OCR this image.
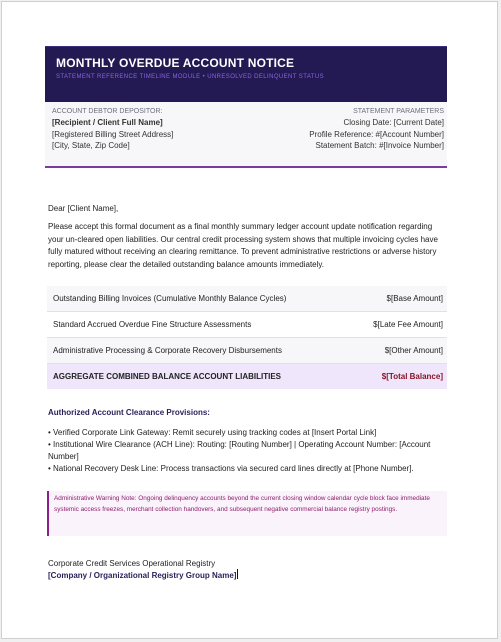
MONTHLY OVERDUE ACCOUNT NOTICE
STATEMENT REFERENCE TIMELINE MODULE • UNRESOLVED DELINQUENT STATUS
ACCOUNT DEBTOR DEPOSITOR:
[Recipient / Client Full Name]
[Registered Billing Street Address]
[City, State, Zip Code]
STATEMENT PARAMETERS
Closing Date: [Current Date]
Profile Reference: #[Account Number]
Statement Batch: #[Invoice Number]
Dear [Client Name],
Please accept this formal document as a final monthly summary ledger account update notification regarding your un-cleared open liabilities. Our central credit processing system shows that multiple invoicing cycles have fully matured without receiving an clearing remittance. To prevent administrative restrictions or adverse history reporting, please clear the detailed outstanding balance amounts immediately.
Outstanding Billing Invoices (Cumulative Monthly Balance Cycles)	$[Base Amount]
Standard Accrued Overdue Fine Structure Assessments	$[Late Fee Amount]
Administrative Processing & Corporate Recovery Disbursements	$[Other Amount]
AGGREGATE COMBINED BALANCE ACCOUNT LIABILITIES	$[Total Balance]
Authorized Account Clearance Provisions:
• Verified Corporate Link Gateway: Remit securely using tracking codes at [Insert Portal Link]
• Institutional Wire Clearance (ACH Line): Routing: [Routing Number] | Operating Account Number: [Account Number]
• National Recovery Desk Line: Process transactions via secured card lines directly at [Phone Number].
Administrative Warning Note: Ongoing delinquency accounts beyond the current closing window calendar cycle block face immediate systemic access freezes, merchant collection handovers, and subsequent negative commercial balance registry postings.
Corporate Credit Services Operational Registry
[Company / Organizational Registry Group Name]
